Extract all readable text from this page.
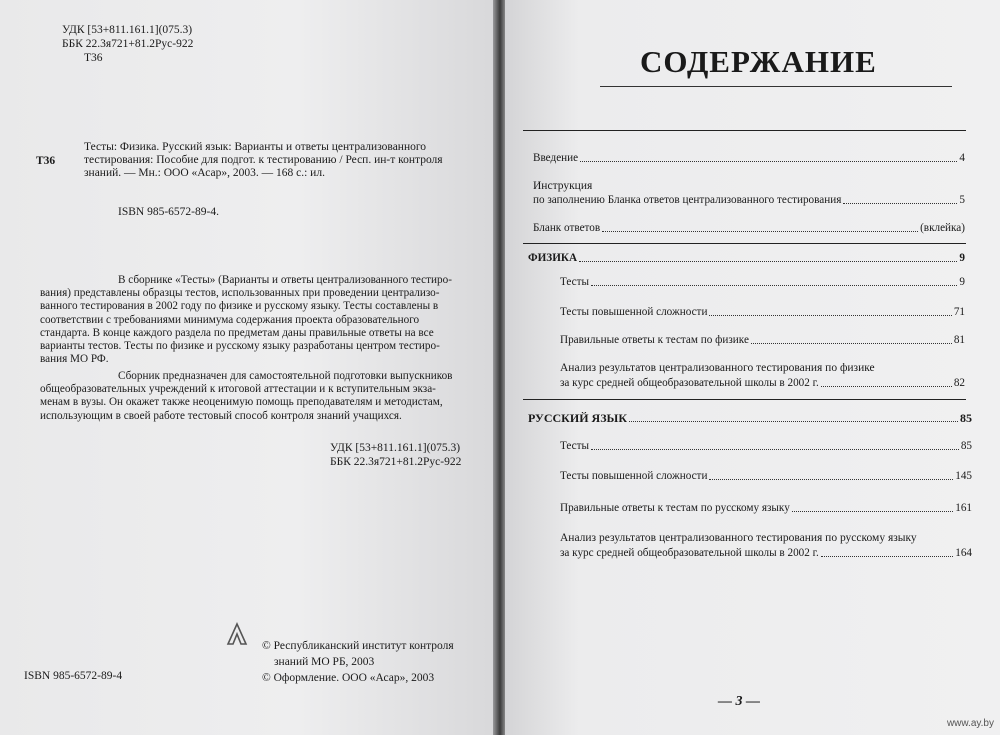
УДК [53+811.161.1](075.3)
ББК 22.3я721+81.2Рус-922
Т36
Т36
Тесты: Физика. Русский язык: Варианты и ответы централизованного
тестирования: Пособие для подгот. к тестированию / Респ. ин-т контроля
знаний. — Мн.: ООО «Асар», 2003. — 168 с.: ил.
ISBN 985-6572-89-4.
В сборнике «Тесты» (Варианты и ответы централизованного тестиро-
вания) представлены образцы тестов, использованных при проведении централизо-
ванного тестирования в 2002 году по физике и русскому языку. Тесты составлены в
соответствии с требованиями минимума содержания проекта образовательного
стандарта. В конце каждого раздела по предметам даны правильные ответы на все
варианты тестов. Тесты по физике и русскому языку разработаны центром тестиро-
вания МО РФ.
Сборник предназначен для самостоятельной подготовки выпускников
общеобразовательных учреждений к итоговой аттестации и к вступительным экза-
менам в вузы. Он окажет также неоценимую помощь преподавателям и методистам,
использующим в своей работе тестовый способ контроля знаний учащихся.
УДК [53+811.161.1](075.3)
ББК 22.3я721+81.2Рус-922
ISBN 985-6572-89-4
© Республиканский институт контроля
знаний МО РБ, 2003
© Оформление. ООО «Асар», 2003
СОДЕРЖАНИЕ
Введение	4
Инструкция
по заполнению Бланка ответов централизованного тестирования	5
Бланк ответов	(вклейка)
ФИЗИКА	9
Тесты	9
Тесты повышенной сложности	71
Правильные ответы к тестам по физике	81
Анализ результатов централизованного тестирования по физике
за курс средней общеобразовательной школы в 2002 г.	82
РУССКИЙ ЯЗЫК	85
Тесты	85
Тесты повышенной сложности	145
Правильные ответы к тестам по русскому языку	161
Анализ результатов централизованного тестирования по русскому языку
за курс средней общеобразовательной школы в 2002 г.	164
— 3 —
www.ay.by
